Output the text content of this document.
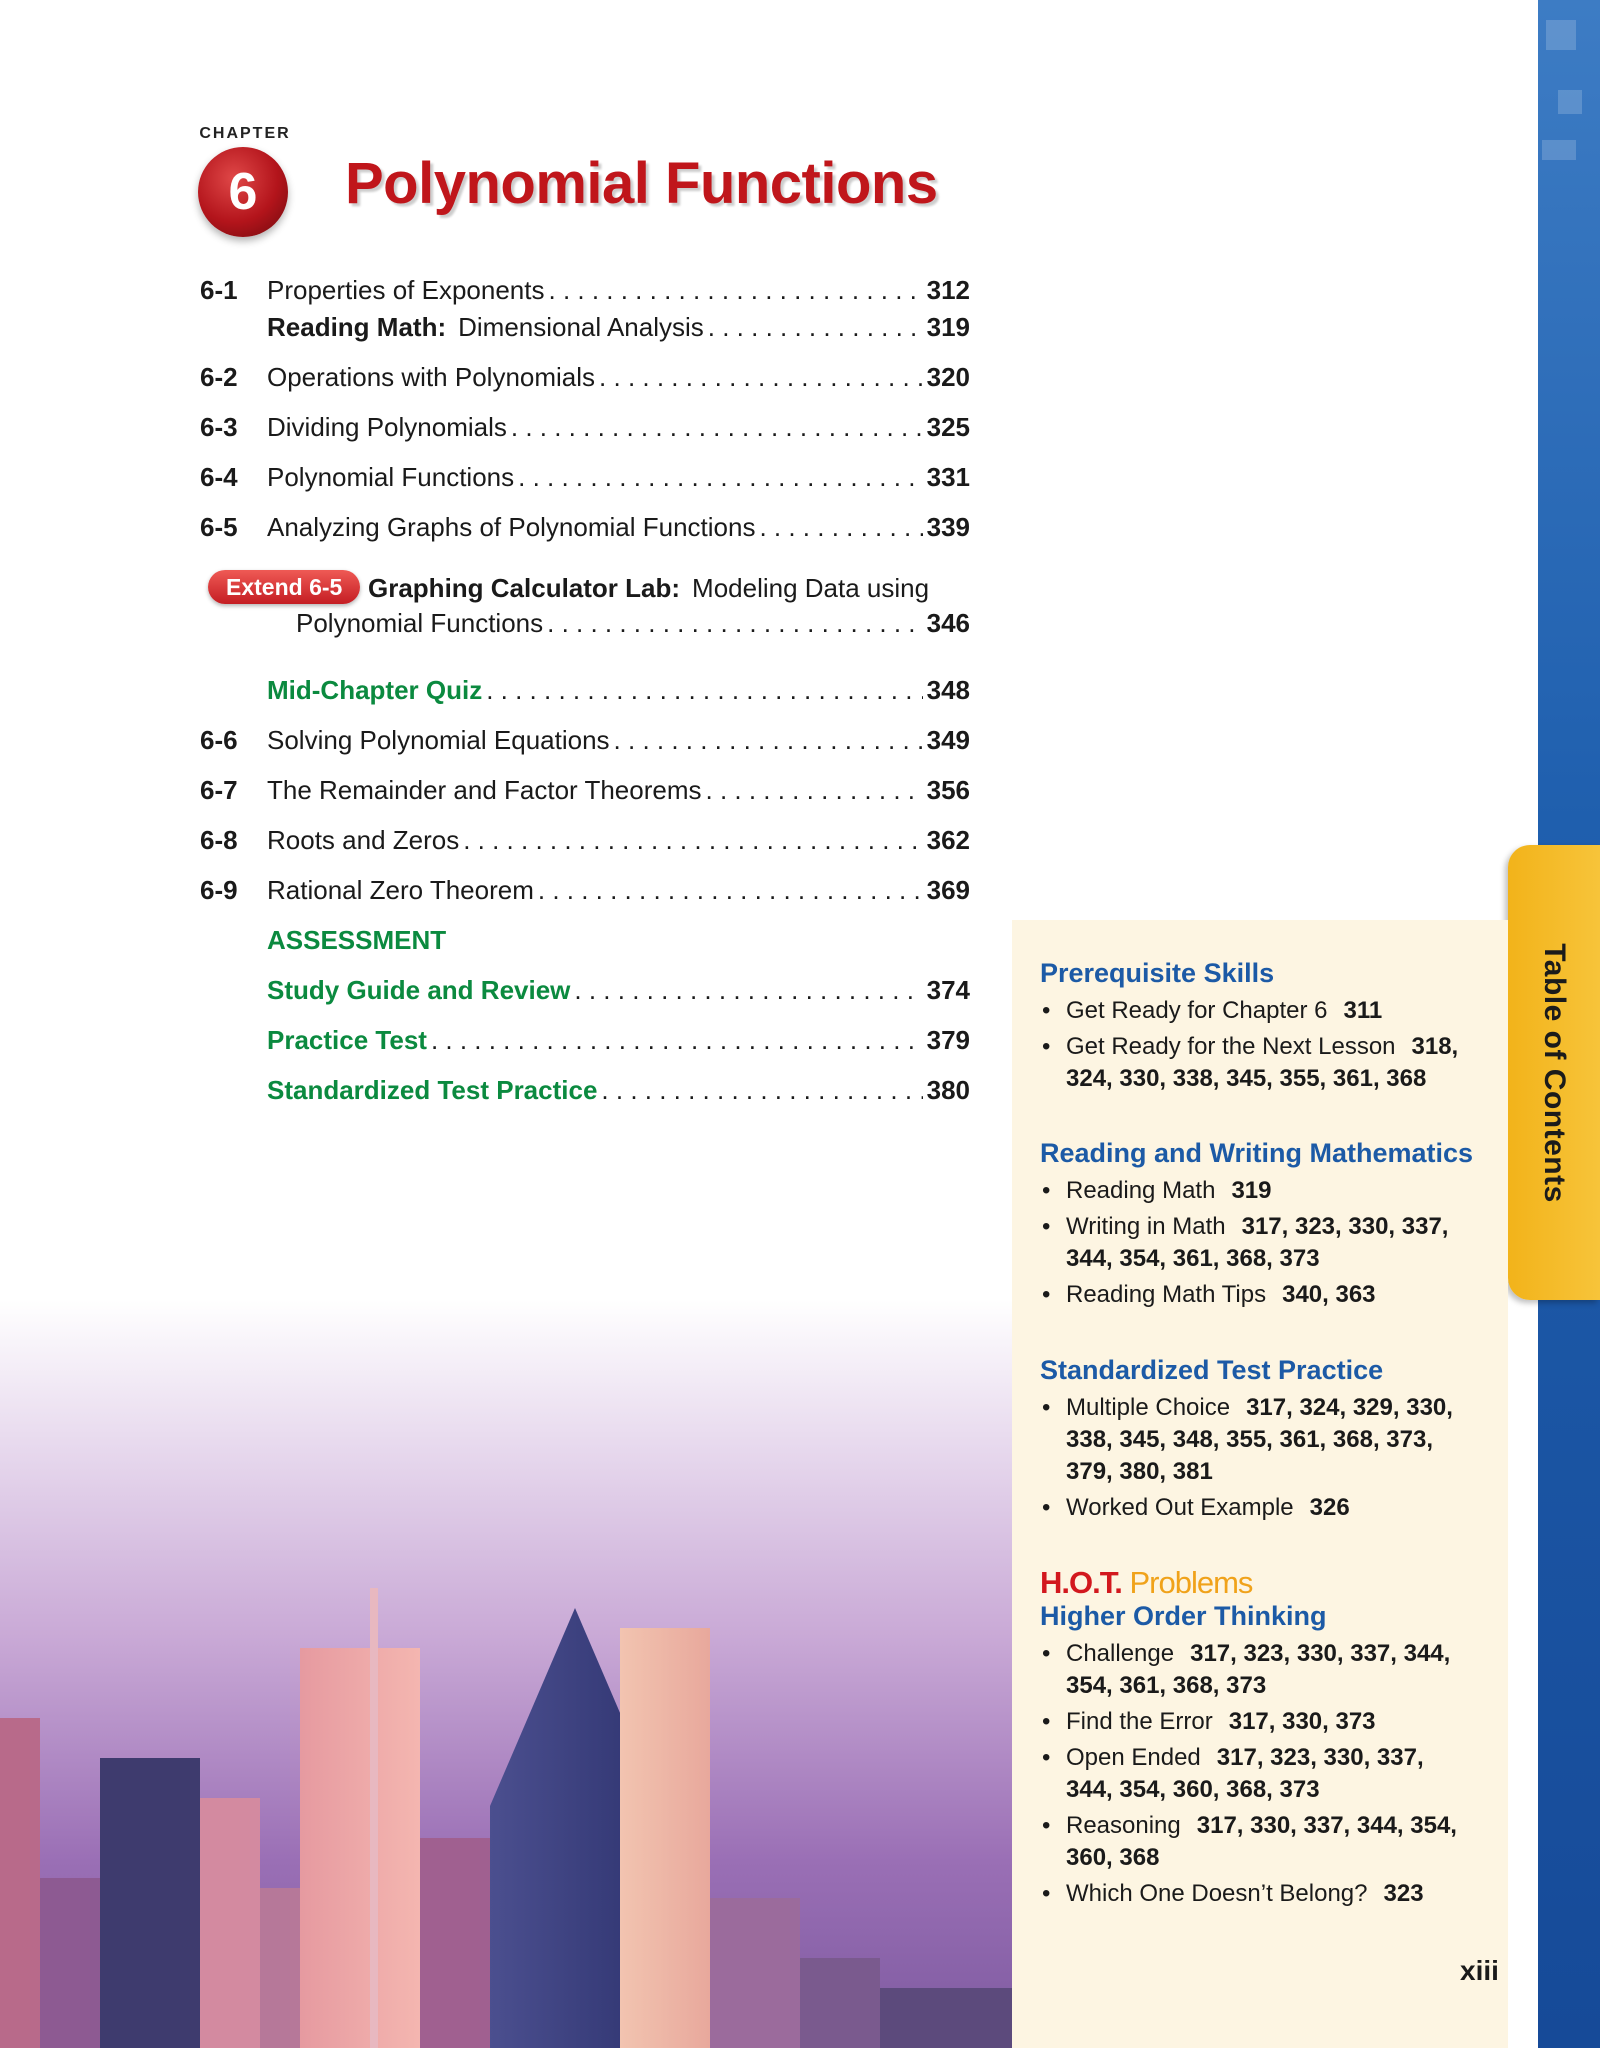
Table of Contents
CHAPTER
6 Polynomial Functions
6-1 Properties of Exponents . . .	312
Reading Math: Dimensional Analysis . . .	319
6-2 Operations with Polynomials . . .	320
6-3 Dividing Polynomials . . .	325
6-4 Polynomial Functions . . .	331
6-5 Analyzing Graphs of Polynomial Functions . . .	339
Extend 6-5 Graphing Calculator Lab: Modeling Data using
Polynomial Functions . . .	346
Mid-Chapter Quiz . . .	348
6-6 Solving Polynomial Equations . . .	349
6-7 The Remainder and Factor Theorems . . .	356
6-8 Roots and Zeros . . .	362
6-9 Rational Zero Theorem . . .	369
ASSESSMENT
Study Guide and Review . . .	374
Practice Test . . .	379
Standardized Test Practice . . .	380
Prerequisite Skills
• Get Ready for Chapter 6 311
• Get Ready for the Next Lesson 318,
324, 330, 338, 345, 355, 361, 368
Reading and Writing Mathematics
• Reading Math 319
• Writing in Math 317, 323, 330, 337,
344, 354, 361, 368, 373
• Reading Math Tips 340, 363
Standardized Test Practice
• Multiple Choice 317, 324, 329, 330,
338, 345, 348, 355, 361, 368, 373,
379, 380, 381
• Worked Out Example 326
H.O.T. Problems
Higher Order Thinking
• Challenge 317, 323, 330, 337, 344,
354, 361, 368, 373
• Find the Error 317, 330, 373
• Open Ended 317, 323, 330, 337,
344, 354, 360, 368, 373
• Reasoning 317, 330, 337, 344, 354,
360, 368
• Which One Doesn’t Belong? 323
xiii
